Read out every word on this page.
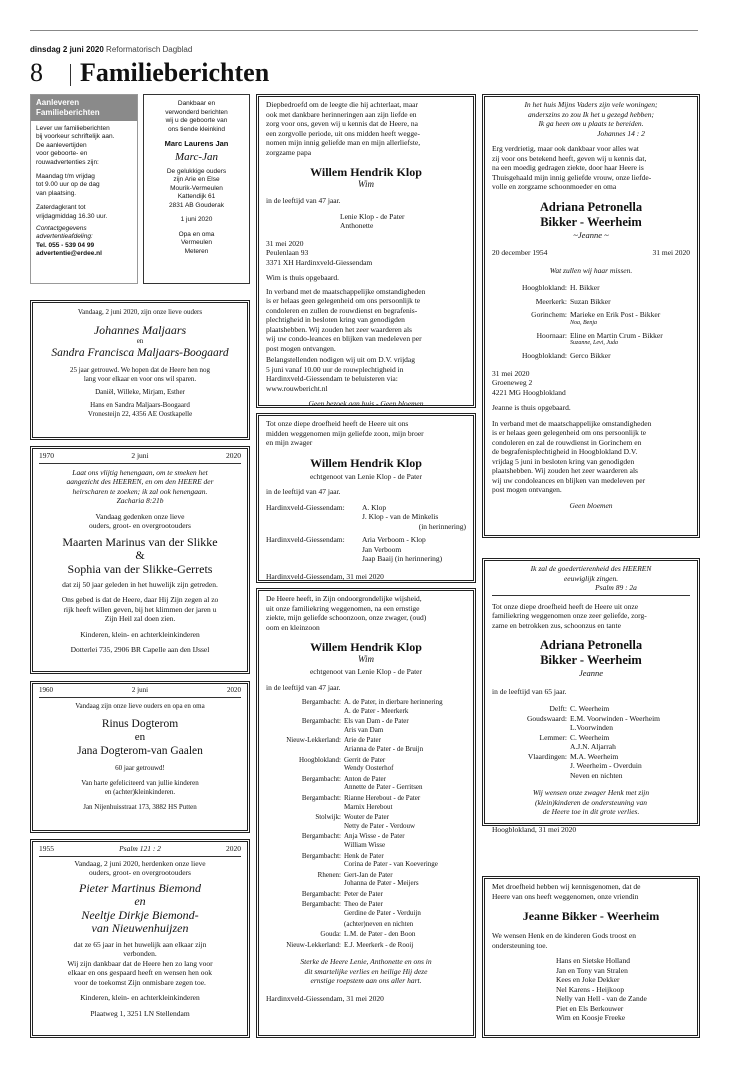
dinsdag 2 juni 2020 Reformatorisch Dagblad
8 Familieberichten
Aanleveren
Familieberichten
Lever uw familieberichten
bij voorkeur schriftelijk aan.
De aanlevertijden
voor geboorte- en
rouwadvertenties zijn:
Maandag t/m vrijdag
tot 9.00 uur op de dag
van plaatsing.
Zaterdagkrant tot
vrijdagmiddag 16.30 uur.
Contactgegevens
advertentieafdeling:
Tel. 055 - 539 04 99
advertentie@erdee.nl
Dankbaar en
verwonderd berichten
wij u de geboorte van
ons tiende kleinkind
Marc Laurens Jan
Marc-Jan
De gelukkige ouders
zijn Arie en Else
Mourik-Vermeulen
Kattendijk 61
2831 AB Gouderak
1 juni 2020
Opa en oma
Vermeulen
Meteren
Vandaag, 2 juni 2020, zijn onze lieve ouders
Johannes Maljaars
en
Sandra Francisca Maljaars-Boogaard
25 jaar getrouwd. We hopen dat de Heere hen nog
lang voor elkaar en voor ons wil sparen.
Daniël, Willeke, Mirjam, Esther
Hans en Sandra Maljaars-Boogaard
Vronesteijn 22, 4356 AE Oostkapelle
1970	2 juni	2020
Laat ons vlijtig henengaan, om te smeken het
aangezicht des HEEREN, en om den HEERE der
heirscharen te zoeken; ik zal ook henengaan.
Zacharia 8:21b
Vandaag gedenken onze lieve
ouders, groot- en overgrootouders
Maarten Marinus van der Slikke
&
Sophia van der Slikke-Gerrets
dat zij 50 jaar geleden in het huwelijk zijn getreden.
Ons gebed is dat de Heere, daar Hij Zijn zegen al zo
rijk heeft willen geven, bij het klimmen der jaren u
Zijn Heil zal doen zien.
Kinderen, klein- en achterkleinkinderen
Dotterlei 735, 2906 BR Capelle aan den IJssel
1960	2 juni	2020
Vandaag zijn onze lieve ouders en opa en oma
Rinus Dogterom
en
Jana Dogterom-van Gaalen
60 jaar getrouwd!
Van harte gefeliciteerd van jullie kinderen
en (achter)kleinkinderen.
Jan Nijenhuisstraat 173, 3882 HS Putten
1955	Psalm 121 : 2	2020
Vandaag, 2 juni 2020, herdenken onze lieve
ouders, groot- en overgrootouders
Pieter Martinus Biemond
en
Neeltje Dirkje Biemond-
van Nieuwenhuijzen
dat ze 65 jaar in het huwelijk aan elkaar zijn
verbonden.
Wij zijn dankbaar dat de Heere hen zo lang voor
elkaar en ons gespaard heeft en wensen hen ook
voor de toekomst Zijn onmisbare zegen toe.
Kinderen, klein- en achterkleinkinderen
Plaatweg 1, 3251 LN Stellendam
Diepbedroefd om de leegte die hij achterlaat, maar
ook met dankbare herinneringen aan zijn liefde en
zorg voor ons, geven wij u kennis dat de Heere, na
een zorgvolle periode, uit ons midden heeft wegge-
nomen mijn innig geliefde man en mijn allerliefste,
zorgzame papa
Willem Hendrik Klop
Wim
in de leeftijd van 47 jaar.
Lenie Klop - de Pater
Anthonette
31 mei 2020
Peulenlaan 93
3371 XH Hardinxveld-Giessendam
Wim is thuis opgebaard.
In verband met de maatschappelijke omstandigheden
is er helaas geen gelegenheid om ons persoonlijk te
condoleren en zullen de rouwdienst en begrafenis-
plechtigheid in besloten kring van genodigden
plaatshebben. Wij zouden het zeer waarderen als
wij uw condo-leances en blijken van medeleven per
post mogen ontvangen.
Belangstellenden nodigen wij uit om D.V. vrijdag
5 juni vanaf 10.00 uur de rouwplechtigheid in
Hardinxveld-Giessendam te beluisteren via:
www.rouwbericht.nl
Geen bezoek aan huis - Geen bloemen
Tot onze diepe droefheid heeft de Heere uit ons
midden weggenomen mijn geliefde zoon, mijn broer
en mijn zwager
Willem Hendrik Klop
echtgenoot van Lenie Klop - de Pater
in de leeftijd van 47 jaar.
Hardinxveld-Giessendam:	A. Klop
J. Klop - van de Minkelis
(in herinnering)
Hardinxveld-Giessendam:	Aria Verboom - Klop
Jan Verboom
Jaap Baaij (in herinnering)
Hardinxveld-Giessendam, 31 mei 2020
De Heere heeft, in Zijn ondoorgrondelijke wijsheid,
uit onze familiekring weggenomen, na een ernstige
ziekte, mijn geliefde schoonzoon, onze zwager, (oud)
oom en kleinzoon
Willem Hendrik Klop
Wim
echtgenoot van Lenie Klop - de Pater
in de leeftijd van 47 jaar.
Bergambacht: A. de Pater, in dierbare herinnering
A. de Pater - Meerkerk
Bergambacht: Els van Dam - de Pater
Aris van Dam
Nieuw-Lekkerland: Arie de Pater
Arianna de Pater - de Bruijn
Hoogblokland: Gerrit de Pater
Wendy Oosterhof
Bergambacht: Anton de Pater
Annette de Pater - Gerritsen
Bergambacht: Rianne Herebout - de Pater
Marnix Herebout
Stolwijk: Wouter de Pater
Netty de Pater - Verdouw
Bergambacht: Anja Wisse - de Pater
William Wisse
Bergambacht: Henk de Pater
Corina de Pater - van Koeveringe
Rhenen: Gert-Jan de Pater
Johanna de Pater - Meijers
Bergambacht: Peter de Pater
Bergambacht: Theo de Pater
Gerdine de Pater - Verduijn
(achter)neven en nichten
Gouda: L.M. de Pater - den Boon
Nieuw-Lekkerland: E.J. Meerkerk - de Rooij
Sterke de Heere Lenie, Anthonette en ons in
dit smartelijke verlies en heilige Hij deze
ernstige roepstem aan ons aller hart.
Hardinxveld-Giessendam, 31 mei 2020
In het huis Mijns Vaders zijn vele woningen;
anderszins zo zou Ik het u gezegd hebben;
Ik ga heen om u plaats te bereiden.
Johannes 14 : 2
Erg verdrietig, maar ook dankbaar voor alles wat
zij voor ons betekend heeft, geven wij u kennis dat,
na een moedig gedragen ziekte, door haar Heere is
Thuisgehaald mijn innig geliefde vrouw, onze liefde-
volle en zorgzame schoonmoeder en oma
Adriana Petronella
Bikker - Weerheim
~Jeanne ~
20 december 1954	31 mei 2020
Wat zullen wij haar missen.
Hoogblokland: H. Bikker
Meerkerk: Suzan Bikker
Gorinchem: Marieke en Erik Post - Bikker
Noa, Benja
Hoornaar: Eline en Martin Crum - Bikker
Suzanne, Levi, Juda
Hoogblokland: Gerco Bikker
31 mei 2020
Groeneweg 2
4221 MG Hoogblokland
Jeanne is thuis opgebaard.
In verband met de maatschappelijke omstandigheden
is er helaas geen gelegenheid om ons persoonlijk te
condoleren en zal de rouwdienst in Gorinchem en
de begrafenisplechtigheid in Hoogblokland D.V.
vrijdag 5 juni in besloten kring van genodigden
plaatshebben. Wij zouden het zeer waarderen als
wij uw condoleances en blijken van medeleven per
post mogen ontvangen.
Geen bloemen
Ik zal de goedertierenheid des HEEREN
eeuwiglijk zingen.
Psalm 89 : 2a
Tot onze diepe droefheid heeft de Heere uit onze
familiekring weggenomen onze zeer geliefde, zorg-
zame en betrokken zus, schoonzus en tante
Adriana Petronella
Bikker - Weerheim
Jeanne
in de leeftijd van 65 jaar.
Delft: C. Weerheim
Goudswaard: E.M. Voorwinden - Weerheim
L.Voorwinden
Lemmer: C. Weerheim
A.J.N. Aljarrah
Vlaardingen: M.A. Weerheim
J. Weerheim - Overduin
Neven en nichten
Wij wensen onze zwager Henk met zijn
(klein)kinderen de ondersteuning van
de Heere toe in dit grote verlies.
Hoogblokland, 31 mei 2020
Met droefheid hebben wij kennisgenomen, dat de
Heere van ons heeft weggenomen, onze vriendin
Jeanne Bikker - Weerheim
We wensen Henk en de kinderen Gods troost en
ondersteuning toe.
Hans en Sietske Holland
Jan en Tony van Stralen
Kees en Joke Dekker
Nel Karens - Heijkoop
Nelly van Hell - van de Zande
Piet en Els Berkouwer
Wim en Koosje Freeke
